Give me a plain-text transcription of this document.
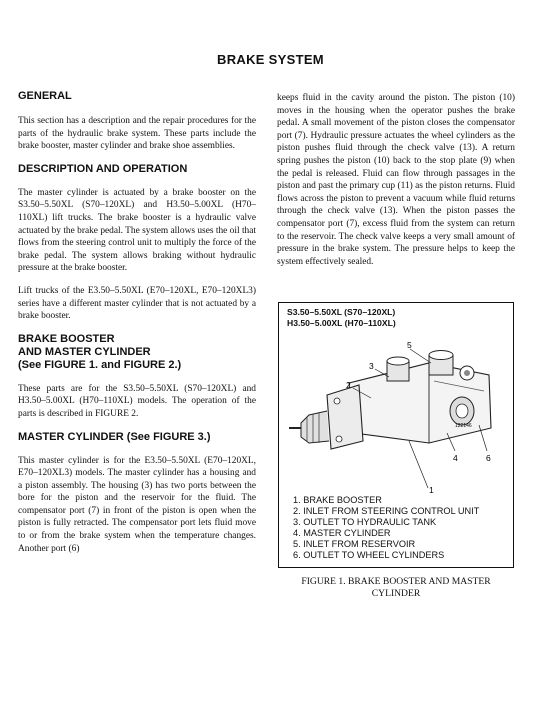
BRAKE SYSTEM
GENERAL

This section has a description and the repair procedures for the parts of the hydraulic brake system. These parts include the brake booster, master cylinder and brake shoe assemblies.

DESCRIPTION AND OPERATION

The master cylinder is actuated by a brake booster on the S3.50–5.50XL (S70–120XL) and H3.50–5.00XL (H70–110XL) lift trucks. The brake booster is a hydraulic valve actuated by the brake pedal. The system allows uses the oil that flows from the steering control unit to multiply the force of the brake pedal. The system allows braking without hydraulic pressure at the brake booster.

Lift trucks of the E3.50–5.50XL (E70–120XL, E70–120XL3) series have a different master cylinder that is not actuated by a brake booster.

BRAKE BOOSTER
AND MASTER CYLINDER
(See FIGURE 1. and FIGURE 2.)

These parts are for the S3.50–5.50XL (S70–120XL) and H3.50–5.00XL (H70–110XL) models. The operation of the parts is described in FIGURE 2.

MASTER CYLINDER (See FIGURE 3.)

This master cylinder is for the E3.50–5.50XL (E70–120XL, E70–120XL3) models. The master cylinder has a housing and a piston assembly. The housing (3) has two ports between the bore for the piston and the reservoir for the fluid. The compensator port (7) in front of the piston is open when the piston is fully retracted. The compensator port lets fluid move to or from the brake system when the temperature changes. Another port (6)

keeps fluid in the cavity around the piston. The piston (10) moves in the housing when the operator pushes the brake pedal. A small movement of the piston closes the compensator port (7). Hydraulic pressure actuates the wheel cylinders as the piston pushes fluid through the check valve (13). A return spring pushes the piston (10) back to the stop plate (9) when the pedal is released. Fluid can flow through passages in the piston and past the primary cup (11) as the piston returns. Fluid flows across the piston to prevent a vacuum while fluid returns through the check valve (13). When the piston passes the compensator port (7), excess fluid from the system can return to the reservoir. The check valve keeps a very small amount of pressure in the brake system. The pressure helps to keep the system effectively sealed.

S3.50–5.50XL (S70–120XL)
H3.50–5.00XL (H70–110XL)
1
2
3
5
4	6
122146
1. BRAKE BOOSTER
2. INLET FROM STEERING CONTROL UNIT
3. OUTLET TO HYDRAULIC TANK
4. MASTER CYLINDER
5. INLET FROM RESERVOIR
6. OUTLET TO WHEEL CYLINDERS
FIGURE 1. BRAKE BOOSTER AND MASTER
CYLINDER
